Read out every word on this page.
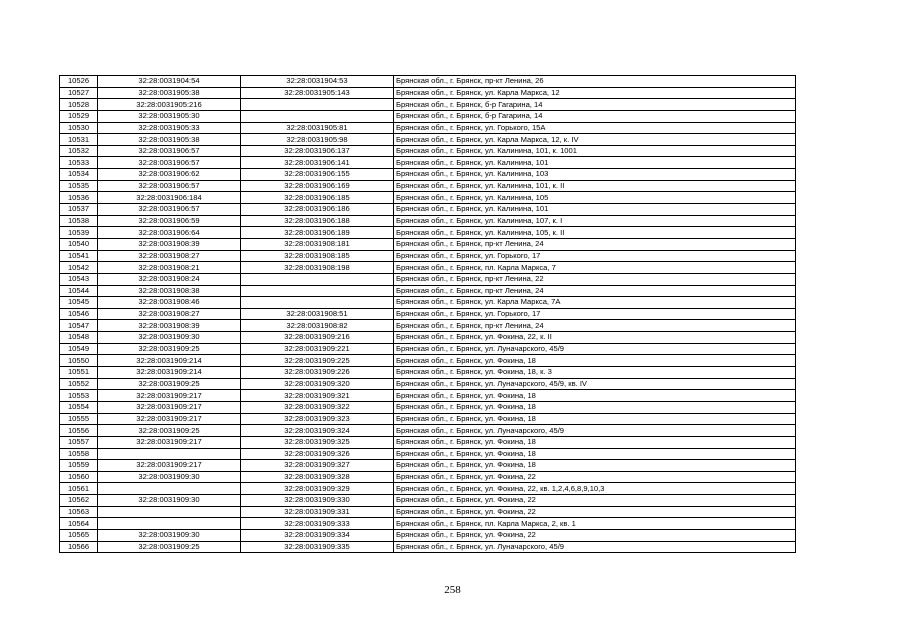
10526	32:28:0031904:54	32:28:0031904:53	Брянская обл., г. Брянск, пр-кт Ленина, 26
10527	32:28:0031905:38	32:28:0031905:143	Брянская обл., г. Брянск, ул. Карла Маркса, 12
10528	32:28:0031905:216		Брянская обл., г. Брянск, б-р Гагарина, 14
10529	32:28:0031905:30		Брянская обл., г. Брянск, б-р Гагарина, 14
10530	32:28:0031905:33	32:28:0031905:81	Брянская обл., г. Брянск, ул. Горького, 15А
10531	32:28:0031905:38	32:28:0031905:98	Брянская обл., г. Брянск, ул. Карла Маркса, 12, к. IV
10532	32:28:0031906:57	32:28:0031906:137	Брянская обл., г. Брянск, ул. Калинина, 101, к. 1001
10533	32:28:0031906:57	32:28:0031906:141	Брянская обл., г. Брянск, ул. Калинина, 101
10534	32:28:0031906:62	32:28:0031906:155	Брянская обл., г. Брянск, ул. Калинина, 103
10535	32:28:0031906:57	32:28:0031906:169	Брянская обл., г. Брянск, ул. Калинина, 101, к. II
10536	32:28:0031906:184	32:28:0031906:185	Брянская обл., г. Брянск, ул. Калинина, 105
10537	32:28:0031906:57	32:28:0031906:186	Брянская обл., г. Брянск, ул. Калинина, 101
10538	32:28:0031906:59	32:28:0031906:188	Брянская обл., г. Брянск, ул. Калинина, 107, к. I
10539	32:28:0031906:64	32:28:0031906:189	Брянская обл., г. Брянск, ул. Калинина, 105, к. II
10540	32:28:0031908:39	32:28:0031908:181	Брянская обл., г. Брянск, пр-кт Ленина, 24
10541	32:28:0031908:27	32:28:0031908:185	Брянская обл., г. Брянск, ул. Горького, 17
10542	32:28:0031908:21	32:28:0031908:198	Брянская обл., г. Брянск, пл. Карла Маркса, 7
10543	32:28:0031908:24		Брянская обл., г. Брянск, пр-кт Ленина, 22
10544	32:28:0031908:38		Брянская обл., г. Брянск, пр-кт Ленина, 24
10545	32:28:0031908:46		Брянская обл., г. Брянск, ул. Карла Маркса, 7А
10546	32:28:0031908:27	32:28:0031908:51	Брянская обл., г. Брянск, ул. Горького, 17
10547	32:28:0031908:39	32:28:0031908:82	Брянская обл., г. Брянск, пр-кт Ленина, 24
10548	32:28:0031909:30	32:28:0031909:216	Брянская обл., г. Брянск, ул. Фокина, 22, к. II
10549	32:28:0031909:25	32:28:0031909:221	Брянская обл., г. Брянск, ул. Луначарского, 45/9
10550	32:28:0031909:214	32:28:0031909:225	Брянская обл., г. Брянск, ул. Фокина, 18
10551	32:28:0031909:214	32:28:0031909:226	Брянская обл., г. Брянск, ул. Фокина, 18, к. 3
10552	32:28:0031909:25	32:28:0031909:320	Брянская обл., г. Брянск, ул. Луначарского, 45/9, кв. IV
10553	32:28:0031909:217	32:28:0031909:321	Брянская обл., г. Брянск, ул. Фокина, 18
10554	32:28:0031909:217	32:28:0031909:322	Брянская обл., г. Брянск, ул. Фокина, 18
10555	32:28:0031909:217	32:28:0031909:323	Брянская обл., г. Брянск, ул. Фокина, 18
10556	32:28:0031909:25	32:28:0031909:324	Брянская обл., г. Брянск, ул. Луначарского, 45/9
10557	32:28:0031909:217	32:28:0031909:325	Брянская обл., г. Брянск, ул. Фокина, 18
10558		32:28:0031909:326	Брянская обл., г. Брянск, ул. Фокина, 18
10559	32:28:0031909:217	32:28:0031909:327	Брянская обл., г. Брянск, ул. Фокина, 18
10560	32:28:0031909:30	32:28:0031909:328	Брянская обл., г. Брянск, ул. Фокина, 22
10561		32:28:0031909:329	Брянская обл., г. Брянск, ул. Фокина, 22, кв. 1,2,4,6,8,9,10,3
10562	32:28:0031909:30	32:28:0031909:330	Брянская обл., г. Брянск, ул. Фокина, 22
10563		32:28:0031909:331	Брянская обл., г. Брянск, ул. Фокина, 22
10564		32:28:0031909:333	Брянская обл., г. Брянск, пл. Карла Маркса, 2, кв. 1
10565	32:28:0031909:30	32:28:0031909:334	Брянская обл., г. Брянск, ул. Фокина, 22
10566	32:28:0031909:25	32:28:0031909:335	Брянская обл., г. Брянск, ул. Луначарского, 45/9
258
